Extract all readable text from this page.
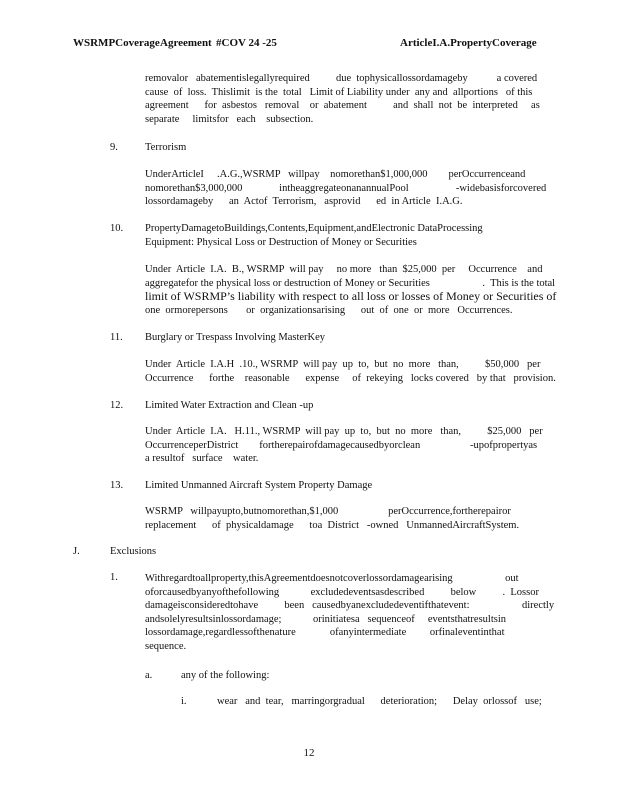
WSRMPCoverage Agreement #COV 24 -25	ArticleI.A.PropertyCoverage
removalor   abatementislegallyrequired          due  tophysicallossordamageby           a covered
cause  of  loss.  Thislimit  is the  total   Limit of Liability under  any and  allportions   of this
agreement      for  asbestos   removal    or  abatement          and  shall  not  be  interpreted     as
separate     limitsfor   each    subsection.
9.	Terrorism
UnderArticleI     .A.G.,WSRMP   willpay    nomorethan$1,000,000        perOccurrenceand
nomorethan$3,000,000              intheaggregateonanannualPool                  -widebasisforcovered
lossordamageby      an  Actof  Terrorism,   asprovid      ed  in Article  I.A.G.
10. PropertyDamagetoBuildings,Contents,Equipment,andElectronic DataProcessing
Equipment: Physical Loss or Destruction of Money or Securities
Under  Article  I.A.  B., WSRMP  will pay     no more   than  $25,000  per     Occurrence    and
aggregatefor the physical loss or destruction of Money or Securities                    .  This is the total
limit of WSRMP’s liability with respect to all loss or losses of Money or Securities of
one  ormorepersons       or  organizationsarising      out  of  one  or  more   Occurrences.
11. Burglary or Trespass Involving MasterKey
Under  Article  I.A.H  .10., WSRMP  will pay  up  to,  but  no  more   than,          $50,000   per
Occurrence      forthe    reasonable      expense     of  rekeying   locks covered   by that   provision.
12. Limited Water Extraction and Clean -up
Under  Article  I.A.   H.11., WSRMP  will pay  up  to,  but  no  more   than,          $25,000   per
OccurrenceperDistrict        fortherepairofdamagecausedbyorclean                   -upofpropertyas
a resultof   surface    water.
13. Limited Unmanned Aircraft System Property Damage
WSRMP   willpayupto,butnomorethan,$1,000                   perOccurrence,fortherepairor
replacement      of  physicaldamage      toa  District   -owned   UnmannedAircraftSystem.
J.	Exclusions
1.	Withregardtoallproperty,thisAgreementdoesnotcoverlossordamagearising                    out
oforcausedbyanyofthefollowing            excludedeventsasdescribed          below          .  Lossor
damageisconsideredtohave          been   causedbyanexcludedeventifthatevent:                    directly
andsolelyresultsinlossordamage;            orinitiatesa   sequenceof     eventsthatresultsin
lossordamage,regardlessofthenature             ofanyintermediate         orfinaleventinthat
sequence.
a.	any of the following:
i.	wear   and  tear,   marringorgradual      deterioration;      Delay  orlossof   use;
12
